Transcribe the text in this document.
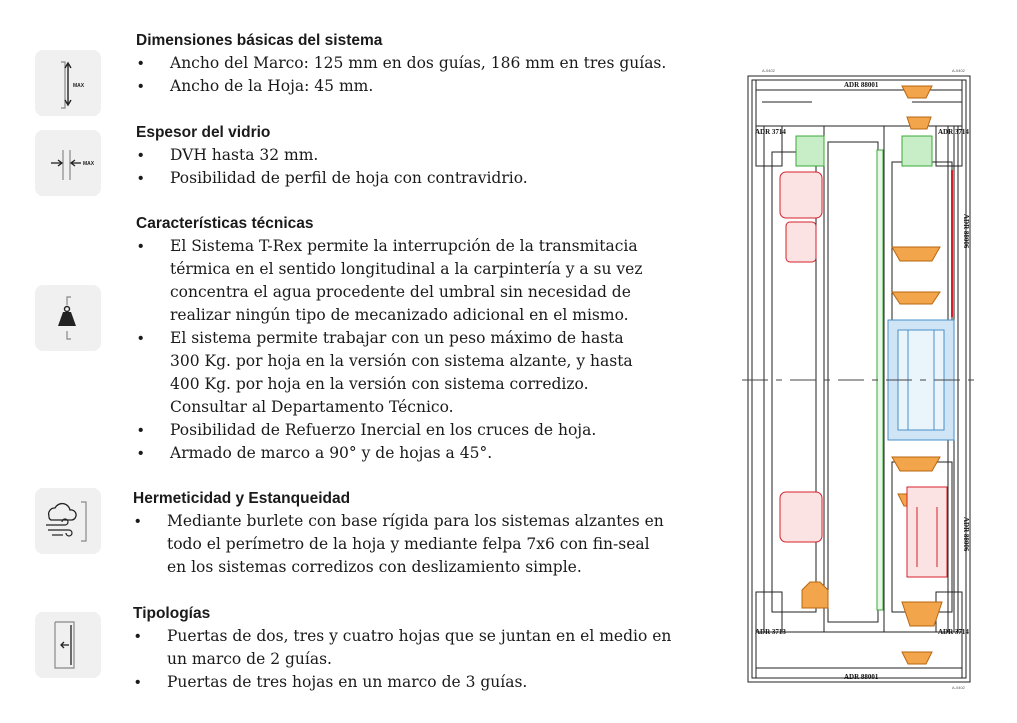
MAX
MAX
Dimensiones básicas del sistema
• Ancho del Marco: 125 mm en dos guías, 186 mm en tres guías.
• Ancho de la Hoja: 45 mm.
Espesor del vidrio
• DVH hasta 32 mm.
• Posibilidad de perfil de hoja con contravidrio.
Características técnicas
• El Sistema T-Rex permite la interrupción de la transmitacia térmica en el sentido longitudinal a la carpintería y a su vez concentra el agua procedente del umbral sin necesidad de realizar ningún tipo de mecanizado adicional en el mismo.
• El sistema permite trabajar con un peso máximo de hasta 300 Kg. por hoja en la versión con sistema alzante, y hasta 400 Kg. por hoja en la versión con sistema corredizo. Consultar al Departamento Técnico.
• Posibilidad de Refuerzo Inercial en los cruces de hoja.
• Armado de marco a 90° y de hojas a 45°.
Hermeticidad y Estanqueidad
• Mediante burlete con base rígida para los sistemas alzantes en todo el perímetro de la hoja y mediante felpa 7x6 con fin-seal en los sistemas corredizos con deslizamiento simple.
Tipologías
• Puertas de dos, tres y cuatro hojas que se juntan en el medio en un marco de 2 guías.
• Puertas de tres hojas en un marco de 3 guías.
ADR 88001
ADR 88001
ADR 3714	ADR 3714
ADR 3713	ADR 3714
ADR 88006
ADR 88006
A-0402	A-0402
A-0402
